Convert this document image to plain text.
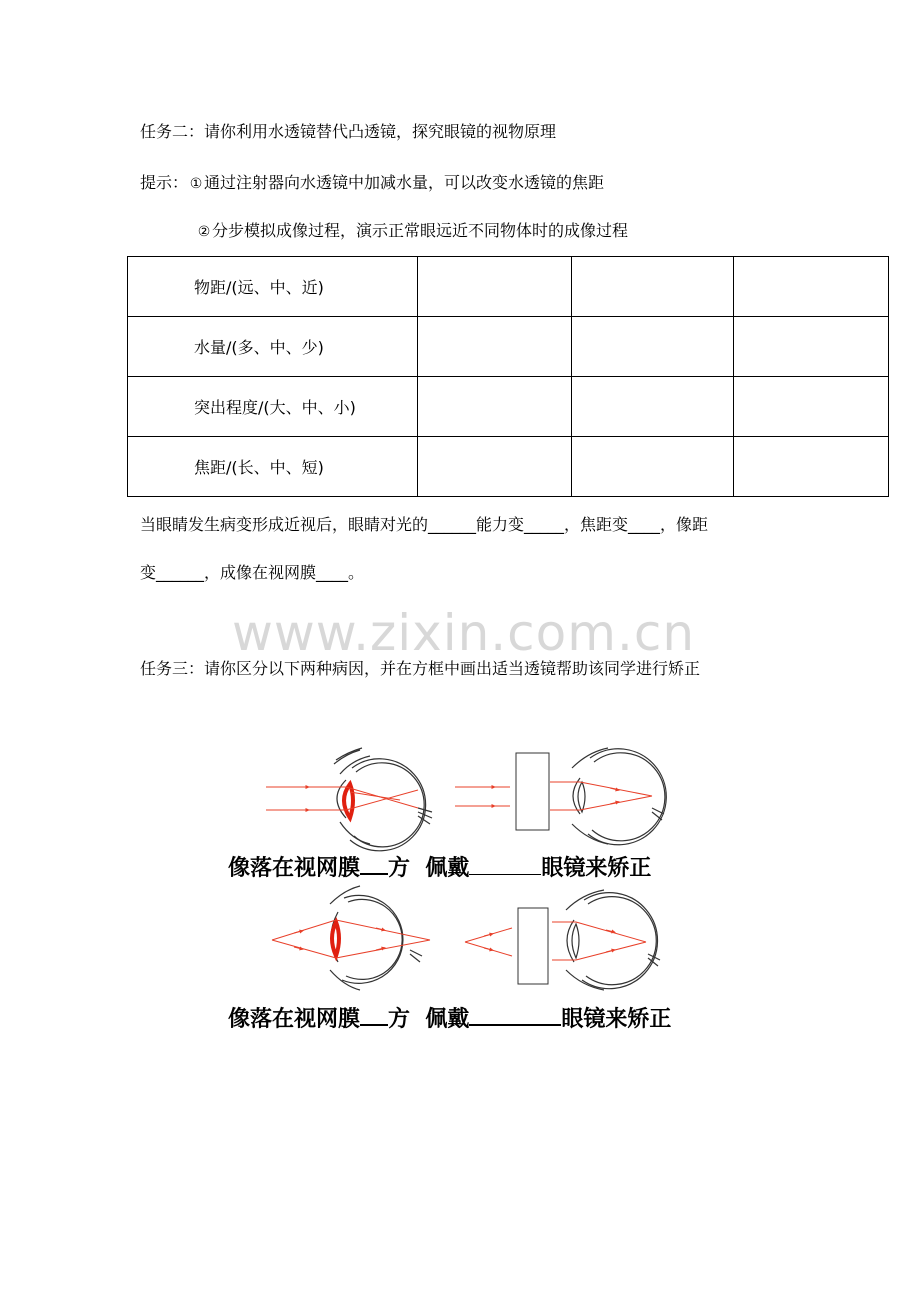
任务二：请你利用水透镜替代凸透镜，探究眼镜的视物原理
提示： ① 通过注射器向水透镜中加减水量，可以改变水透镜的焦距
② 分步模拟成像过程，演示正常眼远近不同物体时的成像过程
物距/(远、中、近)			
水量/(多、中、少)			
突出程度/(大、中、小)			
焦距/(长、中、短)			
当眼睛发生病变形成近视后，眼睛对光的______能力变_____，焦距变____，像距
变______，成像在视网膜____。
www.zixin.com.cn
任务三：请你区分以下两种病因，并在方框中画出适当透镜帮助该同学进行矫正
像落在视网膜 方 佩戴	眼镜来矫正
像落在视网膜 方 佩戴	眼镜来矫正
